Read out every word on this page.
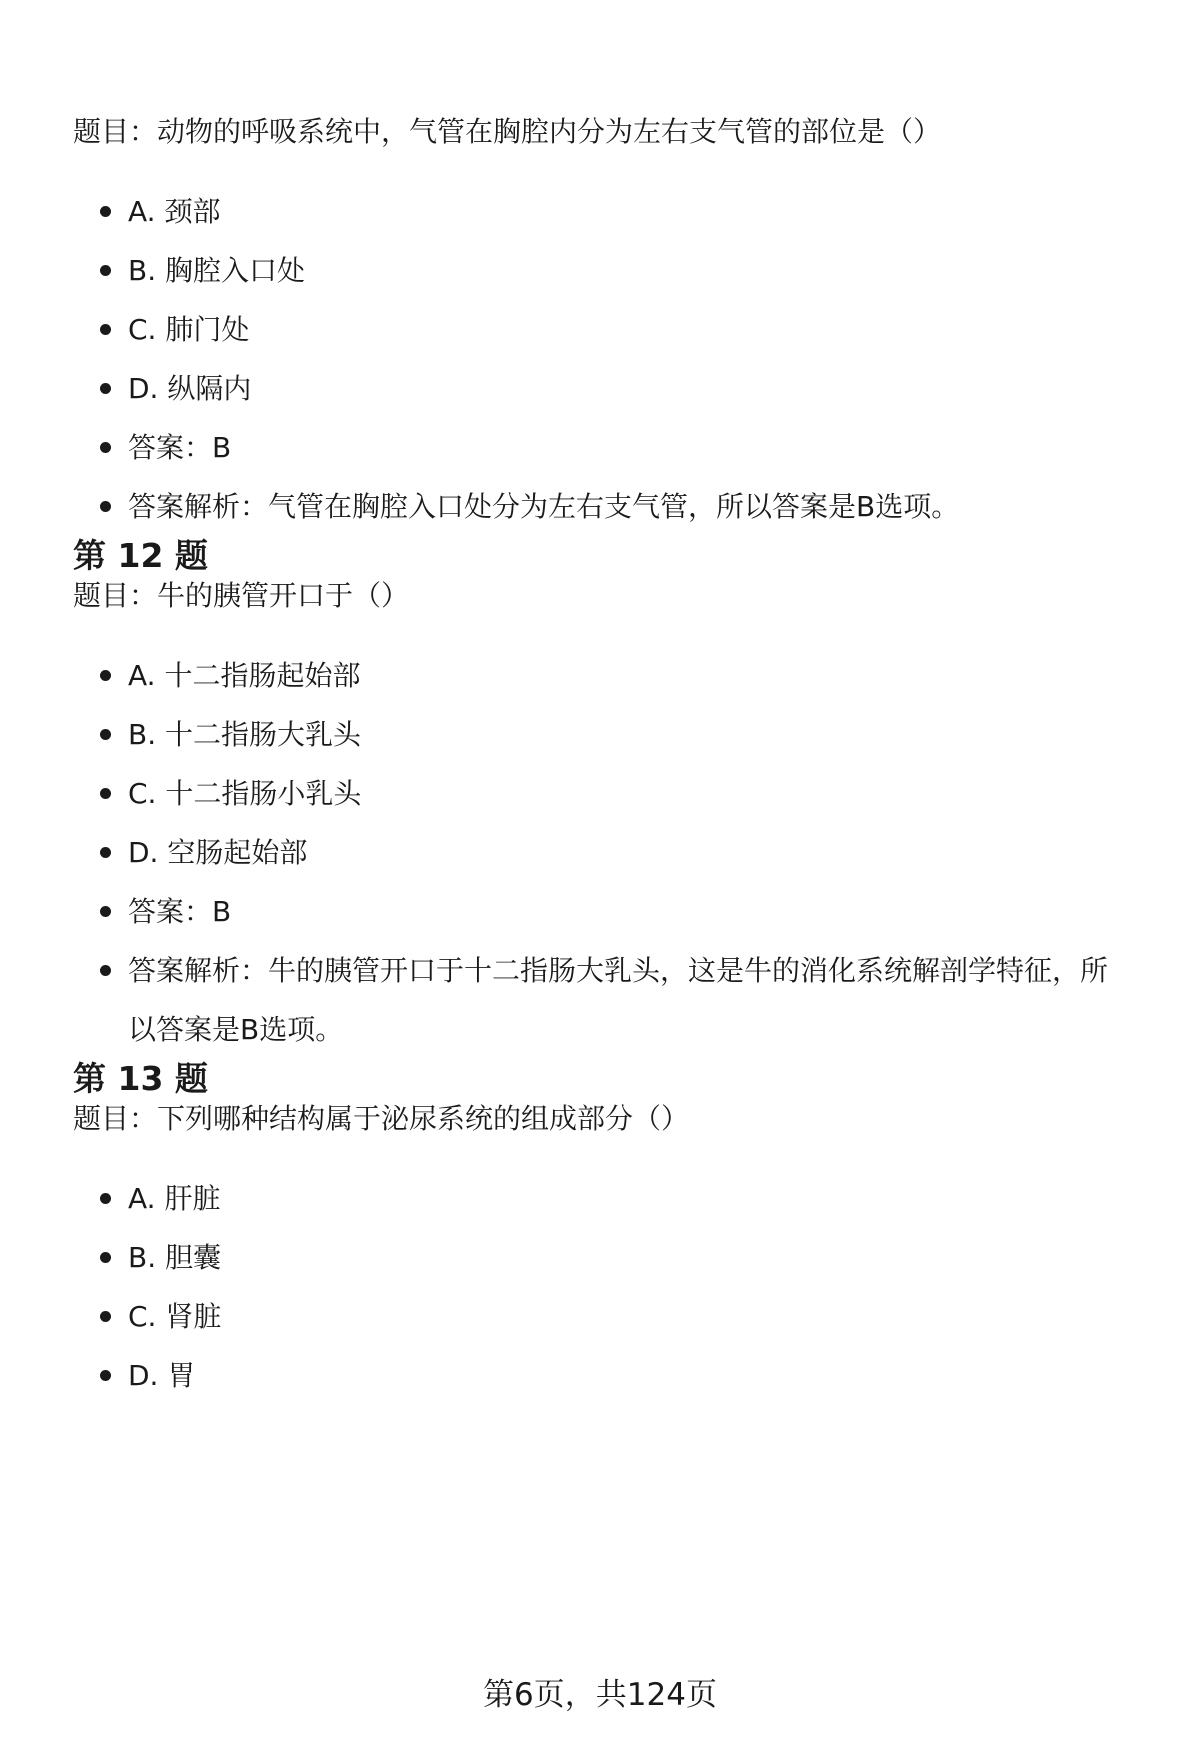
题目：动物的呼吸系统中，气管在胸腔内分为左右支气管的部位是（）

A. 颈部
B. 胸腔入口处
C. 肺门处
D. 纵隔内
答案：B
答案解析：气管在胸腔入口处分为左右支气管，所以答案是B选项。
第 12 题

题目：牛的胰管开口于（）

A. 十二指肠起始部
B. 十二指肠大乳头
C. 十二指肠小乳头
D. 空肠起始部
答案：B
答案解析：牛的胰管开口于十二指肠大乳头，这是牛的消化系统解剖学特征，所以答案是B选项。
第 13 题

题目：下列哪种结构属于泌尿系统的组成部分（）

A. 肝脏
B. 胆囊
C. 肾脏
D. 胃
第6页，共124页
